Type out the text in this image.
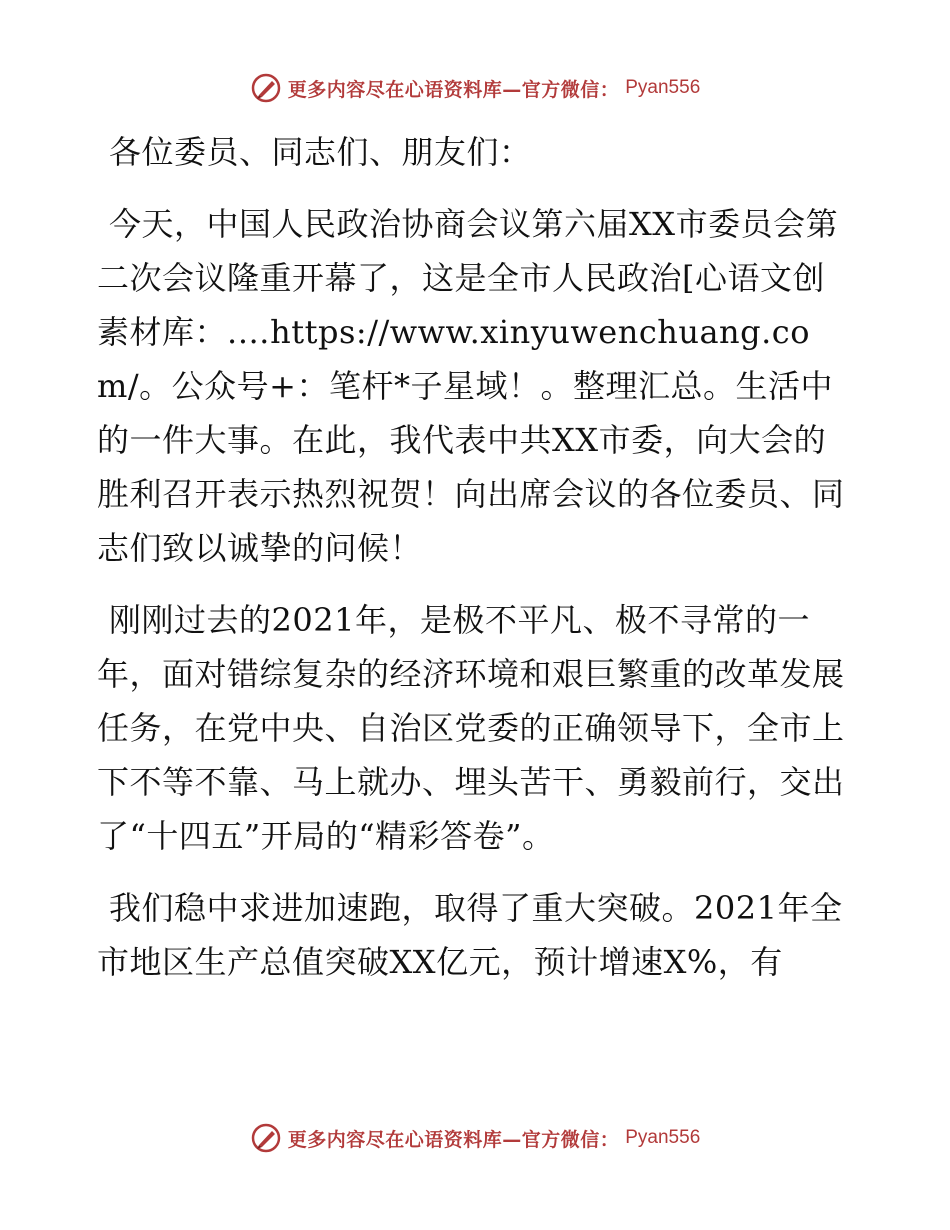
更多内容尽在心语资料库—官方微信： Pyan556

各位委员、同志们、朋友们：

今天，中国人民政治协商会议第六届XX市委员会第二次会议隆重开幕了，这是全市人民政治[心语文创素材库：.…https://www.xinyuwenchuang.com/。公众号+：笔杆*子星域！。整理汇总。生活中的一件大事。在此，我代表中共XX市委，向大会的胜利召开表示热烈祝贺！向出席会议的各位委员、同志们致以诚挚的问候！

刚刚过去的2021年，是极不平凡、极不寻常的一年，面对错综复杂的经济环境和艰巨繁重的改革发展任务，在党中央、自治区党委的正确领导下，全市上下不等不靠、马上就办、埋头苦干、勇毅前行，交出了“十四五”开局的“精彩答卷”。

我们稳中求进加速跑，取得了重大突破。2021年全市地区生产总值突破XX亿元，预计增速X%，有

更多内容尽在心语资料库—官方微信： Pyan556
